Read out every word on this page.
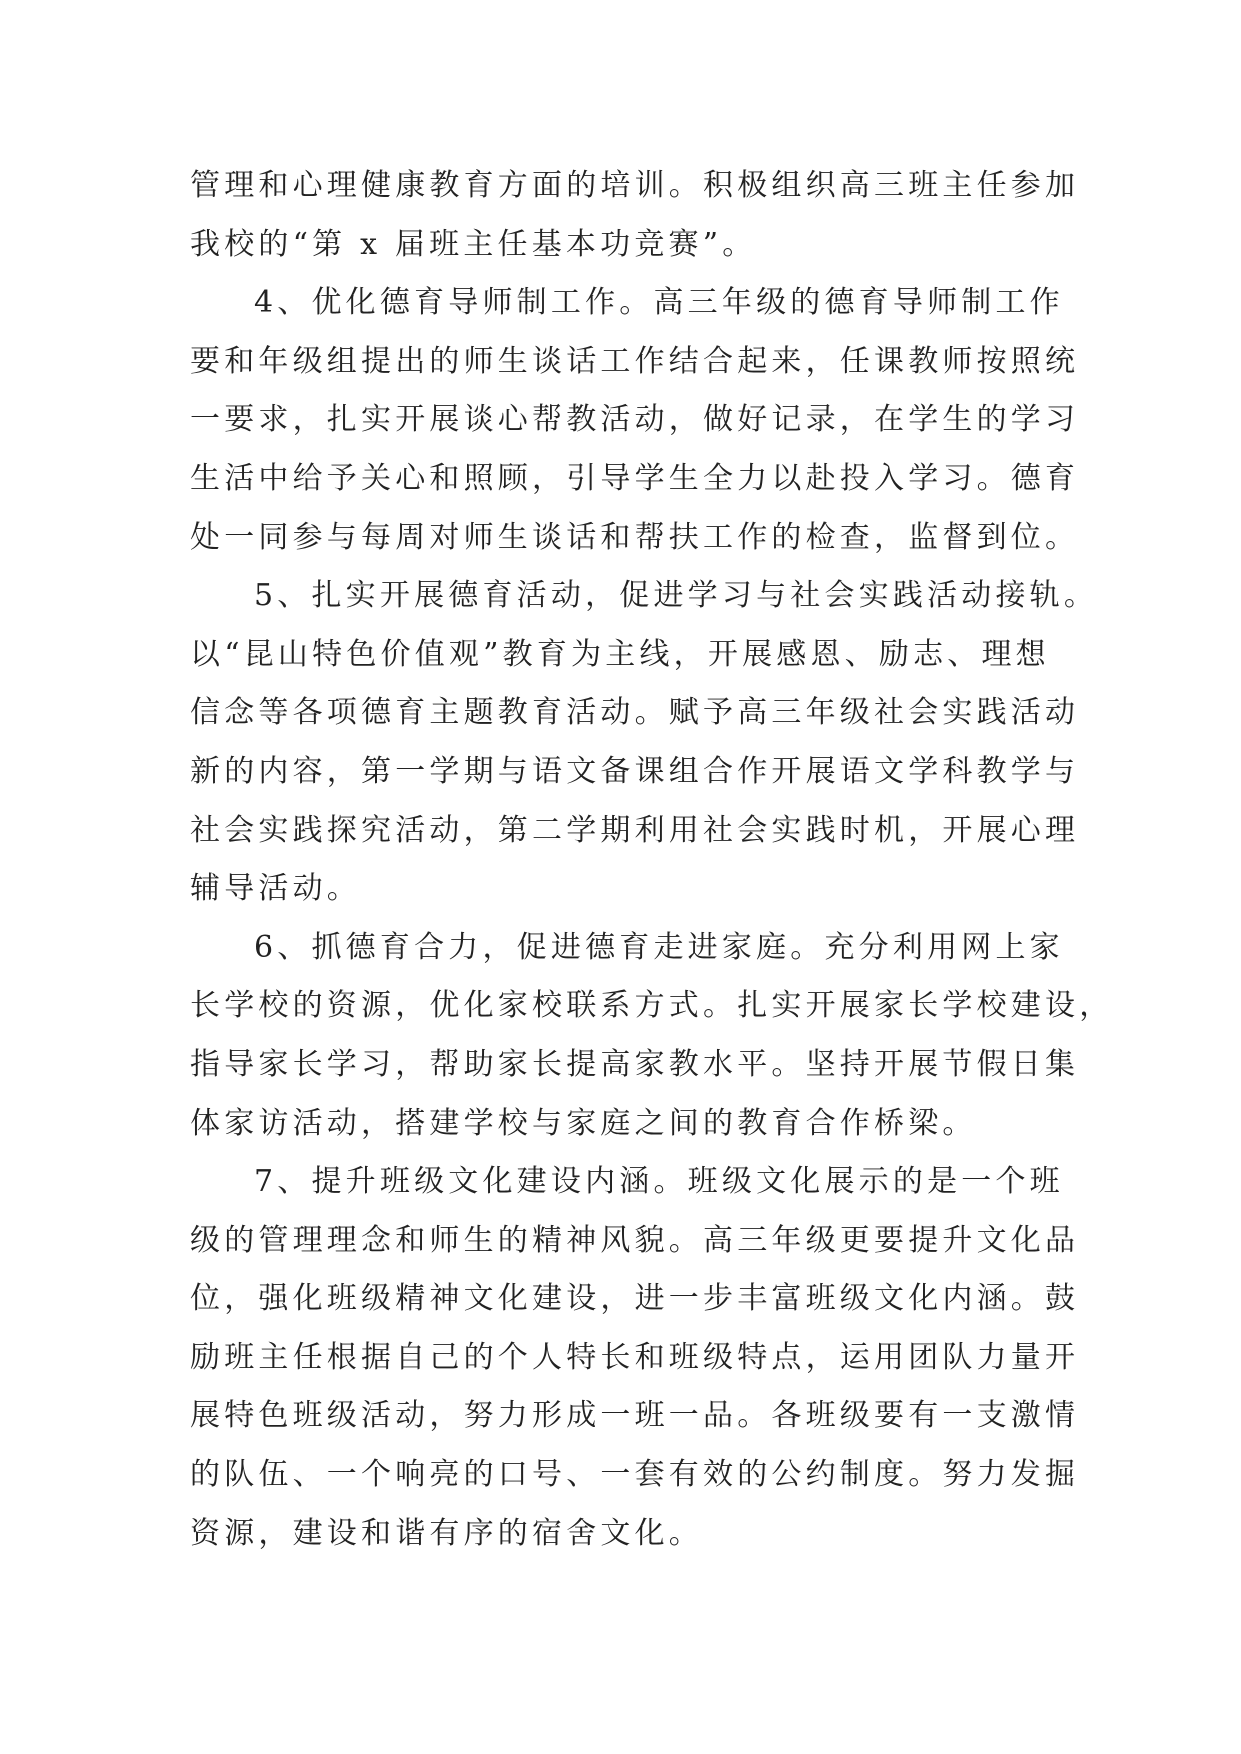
管理和心理健康教育方面的培训。积极组织高三班主任参加
我校的“第 x 届班主任基本功竞赛”。

4、优化德育导师制工作。高三年级的德育导师制工作
要和年级组提出的师生谈话工作结合起来，任课教师按照统
一要求，扎实开展谈心帮教活动，做好记录，在学生的学习
生活中给予关心和照顾，引导学生全力以赴投入学习。德育
处一同参与每周对师生谈话和帮扶工作的检查，监督到位。

5、扎实开展德育活动，促进学习与社会实践活动接轨。
以“昆山特色价值观”教育为主线，开展感恩、励志、理想
信念等各项德育主题教育活动。赋予高三年级社会实践活动
新的内容，第一学期与语文备课组合作开展语文学科教学与
社会实践探究活动，第二学期利用社会实践时机，开展心理
辅导活动。

6、抓德育合力，促进德育走进家庭。充分利用网上家
长学校的资源，优化家校联系方式。扎实开展家长学校建设，
指导家长学习，帮助家长提高家教水平。坚持开展节假日集
体家访活动，搭建学校与家庭之间的教育合作桥梁。

7、提升班级文化建设内涵。班级文化展示的是一个班
级的管理理念和师生的精神风貌。高三年级更要提升文化品
位，强化班级精神文化建设，进一步丰富班级文化内涵。鼓
励班主任根据自己的个人特长和班级特点，运用团队力量开
展特色班级活动，努力形成一班一品。各班级要有一支激情
的队伍、一个响亮的口号、一套有效的公约制度。努力发掘
资源，建设和谐有序的宿舍文化。
